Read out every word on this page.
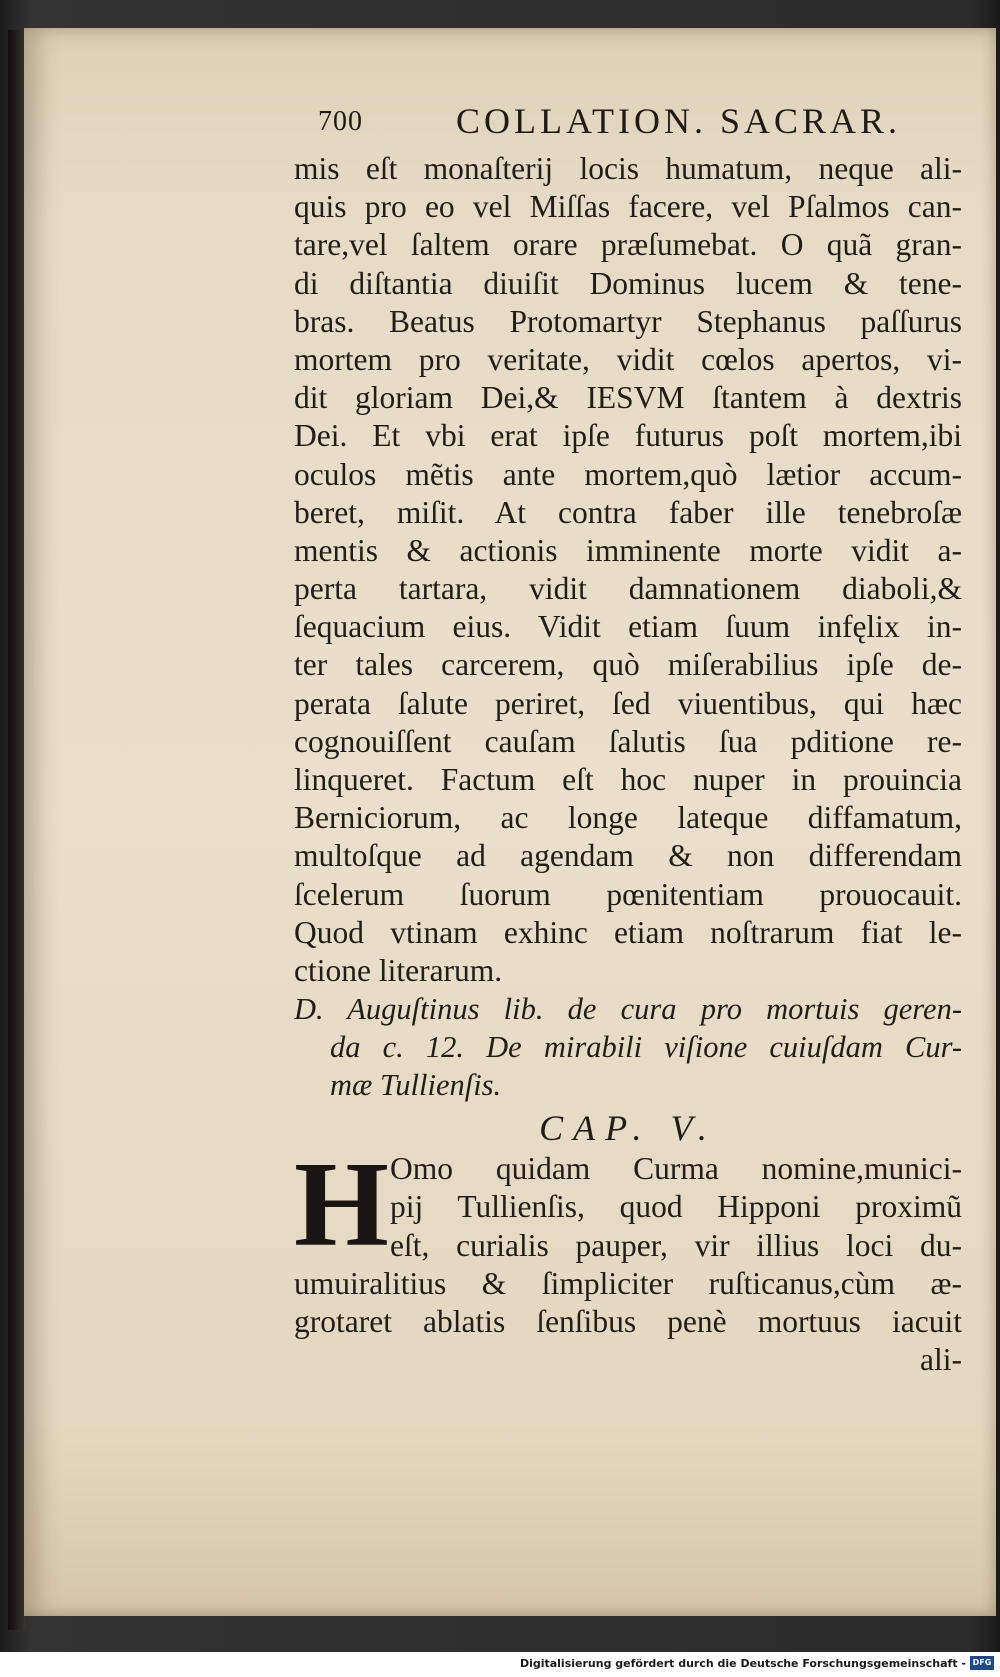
700	COLLATION. SACRAR.
mis eſt monaſterij locis humatum, neque ali-
quis pro eo vel Miſſas facere, vel Pſalmos can-
tare,vel ſaltem orare præſumebat. O quã gran-
di diſtantia diuiſit Dominus lucem & tene-
bras. Beatus Protomartyr Stephanus paſſurus
mortem pro veritate, vidit cœlos apertos, vi-
dit gloriam Dei,& IESVM ſtantem à dextris
Dei. Et vbi erat ipſe futurus poſt mortem,ibi
oculos mẽtis ante mortem,quò lætior accum-
beret, miſit. At contra faber ille tenebroſæ
mentis & actionis imminente morte vidit a-
perta tartara, vidit damnationem diaboli,&
ſequacium eius. Vidit etiam ſuum infęlix in-
ter tales carcerem, quò miſerabilius ipſe de-
perata ſalute periret, ſed viuentibus, qui hæc
cognouiſſent cauſam ſalutis ſua pditione re-
linqueret. Factum eſt hoc nuper in prouincia
Berniciorum, ac longe lateque diffamatum,
multoſque ad agendam & non differendam
ſcelerum ſuorum pœnitentiam prouocauit.
Quod vtinam exhinc etiam noſtrarum fiat le-
ctione literarum.
D. Auguſtinus lib. de cura pro mortuis geren-
da c. 12. De mirabili viſione cuiuſdam Cur-
mæ Tullienſis.
CAP. V.
H Omo quidam Curma nomine,munici-
pij Tullienſis, quod Hipponi proximũ
eſt, curialis pauper, vir illius loci du-
umuiralitius & ſimpliciter ruſticanus,cùm æ-
grotaret ablatis ſenſibus penè mortuus iacuit
ali-
Digitalisierung gefördert durch die Deutsche Forschungsgemeinschaft - DFG
